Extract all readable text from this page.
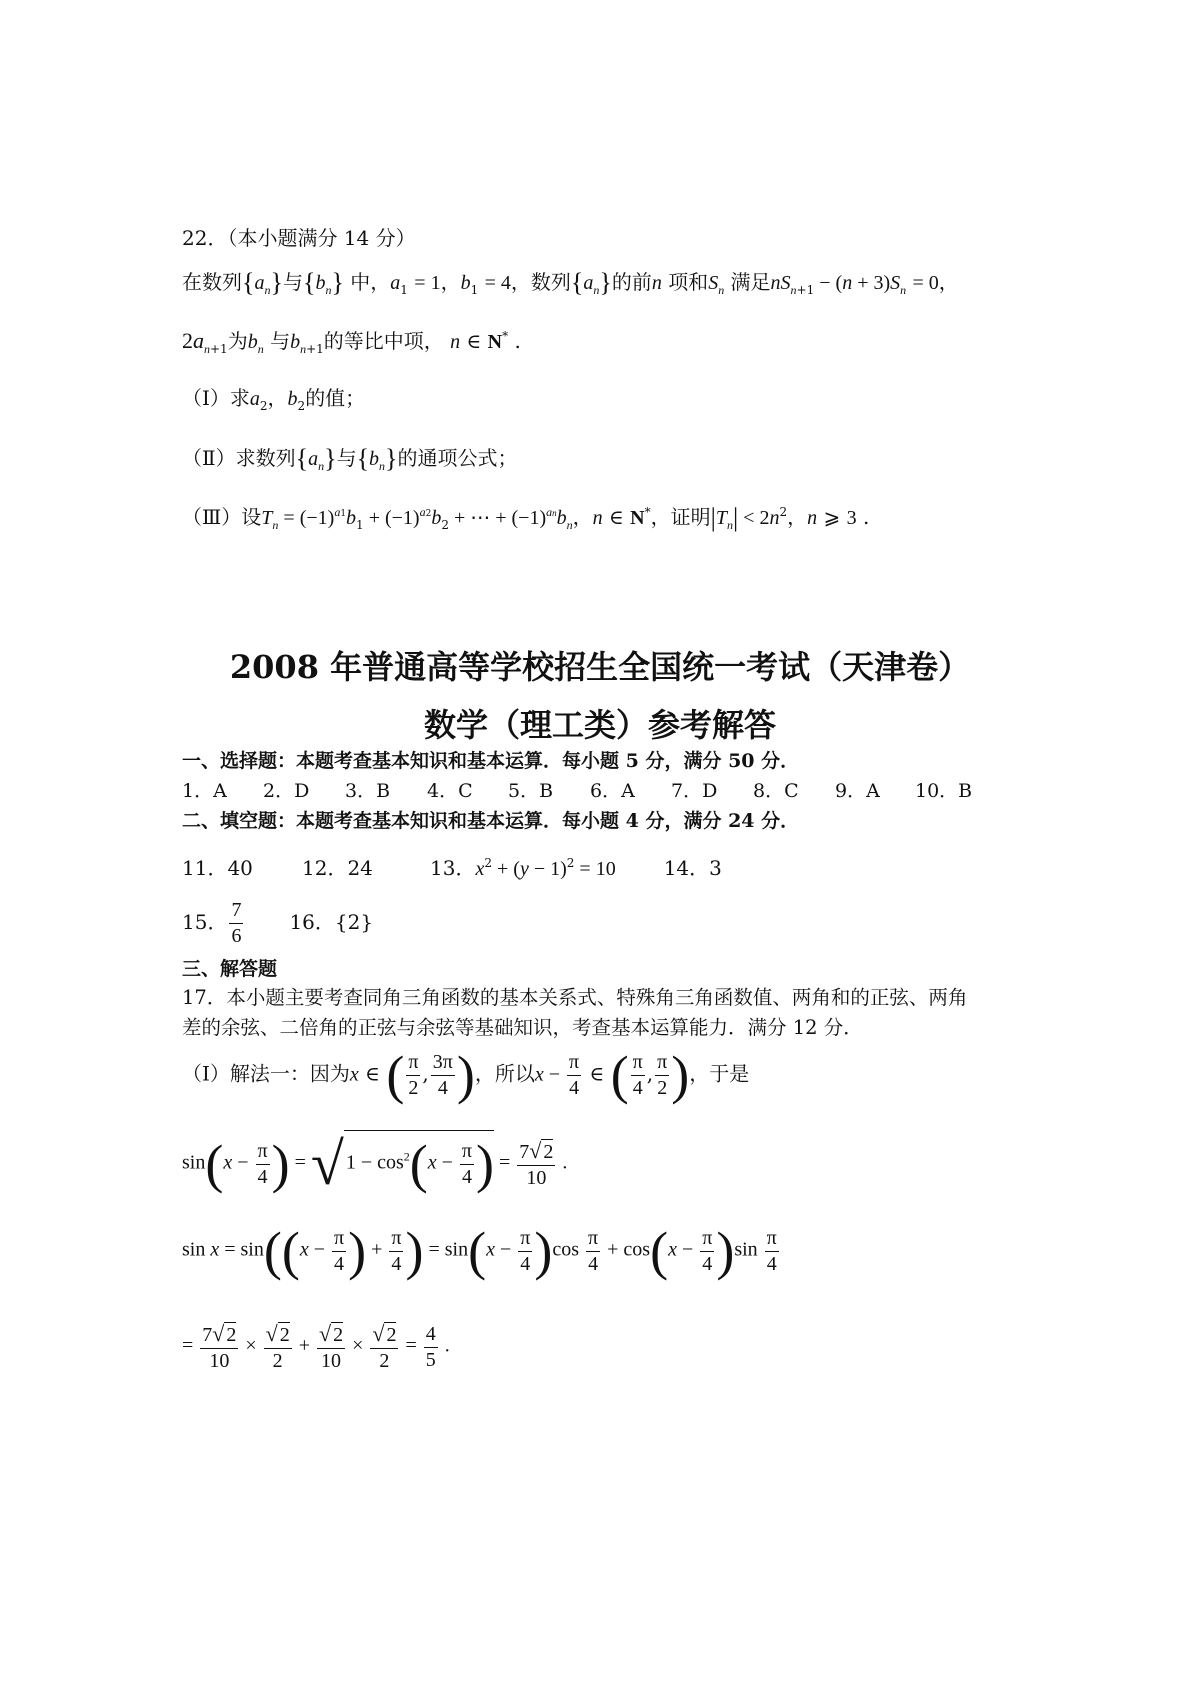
22．（本小题满分 14 分）
在数列$\{a_n\}$与$\{b_n\}$ 中，$a_1 = 1$，$b_1 = 4$，数列$\{a_n\}$的前n 项和$S_n$ 满足$nS_{n+1} - (n + 3)S_n = 0$，
$2a_{n+1}$为$b_n$ 与$b_{n+1}$的等比中项， n ∈ N* .
（Ⅰ）求$a_2$，$b_2$的值；
（Ⅱ）求数列$\{a_n\}$与$\{b_n\}$的通项公式；
（Ⅲ）设$T_n = (-1)^{a1}b_1 + (-1)^{a2}b_2$ + ⋯ + $(-1)^{an}b_n$，n ∈ N*，证明$|T_n| < 2n^2$，n ⩾ 3 .
2008 年普通高等学校招生全国统一考试（天津卷）
数学（理工类）参考解答
一、选择题：本题考查基本知识和基本运算．每小题 5 分，满分 50 分．
1．A 2．D 3．B 4．C 5．B 6．A 7．D 8．C 9．A 10．B
二、填空题：本题考查基本知识和基本运算．每小题 4 分，满分 24 分．
11．40 12．24	13．$x^2 + (y - 1)^2 = 10$ 14．3
15． $\frac{7}{6} 16$．{2}
三、解答题
17．本小题主要考查同角三角函数的基本关系式、特殊角三角函数值、两角和的正弦、两角
差的余弦、二倍角的正弦与余弦等基础知识，考查基本运算能力．满分 12 分．
（Ⅰ）解法一：因为x ∈ ( $\frac{\pi}{2}$ , $\frac{3\pi}{4}$ )，所以$x - \frac{\pi}{4}$ ∈ ( $\frac{\pi}{4}$ , $\frac{\pi}{2}$ )，于是
$\sin(x - \frac{\pi}{4}$ ) = √ $1 - \cos^2(x - \frac{\pi}{4}$ ) = $\frac{7√ 2}{10}$ .
$\sin x = \sin((x - \frac{\pi}{4}$ ) + $\frac{\pi}{4}$ ) = $\sin(x - \frac{\pi}{4} )\cos \frac{\pi}{4} + \cos(x - \frac{\pi}{4} )\sin \frac{\pi}{4}$
= $\frac{7√ 2}{10} \times \frac{√ 2}{2} + \frac{√ 2}{10} \times \frac{√ 2}{2} = \frac{4}{5}$ .
